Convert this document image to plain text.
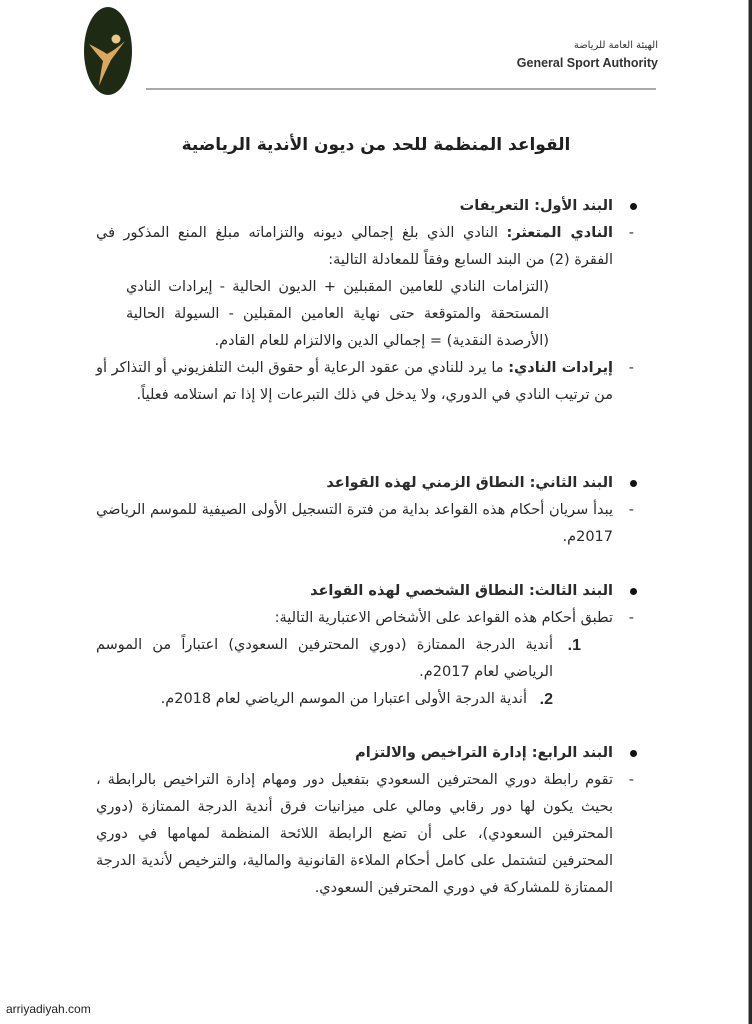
الهيئة العامة للرياضة
General Sport Authority
القواعد المنظمة للحد من ديون الأندية الرياضية
البند الأول: التعريفات
-
النادي المتعثر: النادي الذي بلغ إجمالي ديونه والتزاماته مبلغ المنع المذكور في الفقرة (2) من البند السابع وفقاً للمعادلة التالية:
(التزامات النادي للعامين المقبلين + الديون الحالية - إيرادات النادي المستحقة والمتوقعة حتى نهاية العامين المقبلين - السيولة الحالية (الأرصدة النقدية) = إجمالي الدين والالتزام للعام القادم.
-
إيرادات النادي: ما يرد للنادي من عقود الرعاية أو حقوق البث التلفزيوني أو التذاكر أو من ترتيب النادي في الدوري، ولا يدخل في ذلك التبرعات إلا إذا تم استلامه فعلياً.
البند الثاني: النطاق الزمني لهذه القواعد
-
يبدأ سريان أحكام هذه القواعد بداية من فترة التسجيل الأولى الصيفية للموسم الرياضي 2017م.
البند الثالث: النطاق الشخصي لهذه القواعد
-
تطبق أحكام هذه القواعد على الأشخاص الاعتبارية التالية:
1.
أندية الدرجة الممتازة (دوري المحترفين السعودي) اعتباراً من الموسم الرياضي لعام 2017م.
2.
أندية الدرجة الأولى اعتبارا من الموسم الرياضي لعام 2018م.
البند الرابع: إدارة التراخيص والالتزام
-
تقوم رابطة دوري المحترفين السعودي بتفعيل دور ومهام إدارة التراخيص بالرابطة ، بحيث يكون لها دور رقابي ومالي على ميزانيات فرق أندية الدرجة الممتازة (دوري المحترفين السعودي)، على أن تضع الرابطة اللائحة المنظمة لمهامها في دوري المحترفين لتشتمل على كامل أحكام الملاءة القانونية والمالية، والترخيص لأندية الدرجة الممتازة للمشاركة في دوري المحترفين السعودي.
arriyadiyah.com
